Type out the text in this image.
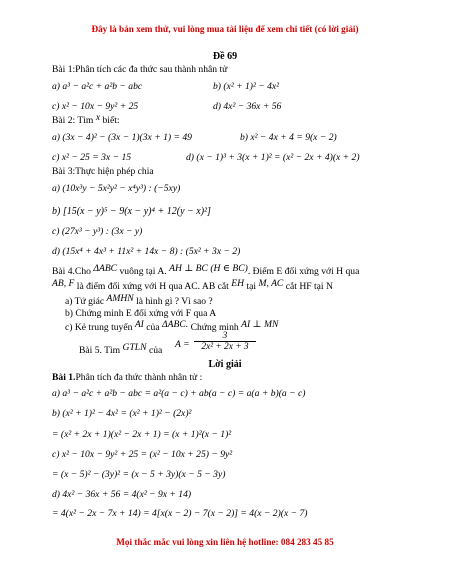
Đây là bản xem thử, vui lòng mua tài liệu để xem chi tiết (có lời giải)
Đề 69
Bài 1:Phân tích các đa thức sau thành nhân tử
a) a³ − a²c + a²b − abc	b) (x² + 1)² − 4x²
c) x² − 10x − 9y² + 25	d) 4x² − 36x + 56
Bài 2: Tìm x biết:
a) (3x − 4)² − (3x − 1)(3x + 1) = 49	b) x² − 4x + 4 = 9(x − 2)
c) x² − 25 = 3x − 15	d) (x − 1)³ + 3(x + 1)² = (x² − 2x + 4)(x + 2)
Bài 3:Thực hiện phép chia
a) (10x³y − 5x²y² − x⁴y³) : (−5xy)
b) [15(x − y)⁵ − 9(x − y)⁴ + 12(y − x)²]
c) (27x³ − y³) : (3x − y)
d) (15x⁴ + 4x³ + 11x² + 14x − 8) : (5x² + 3x − 2)
Bài 4.Cho ΔABC vuông tại A. AH ⊥ BC (H ∈ BC). Điểm E đối xứng với H qua
AB, F là điểm đối xứng với H qua AC. AB cắt EH tại M, AC cắt HF tại N
a) Tứ giác AMHN là hình gì ? Vì sao ?
b) Chứng minh E đối xứng với F qua A
c) Kẻ trung tuyến AI của ΔABC. Chứng minh AI ⊥ MN
Bài 5. Tìm GTLN của
$A = \frac{3}{\text{2x² + 2x + 3}}$
Lời giải
Bài 1.Phân tích đa thức thành nhân tử :
a) a³ − a²c + a²b − abc = a²(a − c) + ab(a − c) = a(a + b)(a − c)
b) (x² + 1)² − 4x² = (x² + 1)² − (2x)²
= (x² + 2x + 1)(x² − 2x + 1) = (x + 1)²(x − 1)²
c) x² − 10x − 9y² + 25 = (x² − 10x + 25) − 9y²
= (x − 5)² − (3y)² = (x − 5 + 3y)(x − 5 − 3y)
d) 4x² − 36x + 56 = 4(x² − 9x + 14)
= 4(x² − 2x − 7x + 14) = 4[x(x − 2) − 7(x − 2)] = 4(x − 2)(x − 7)
Mọi thắc mắc vui lòng xin liên hệ hotline: 084 283 45 85
